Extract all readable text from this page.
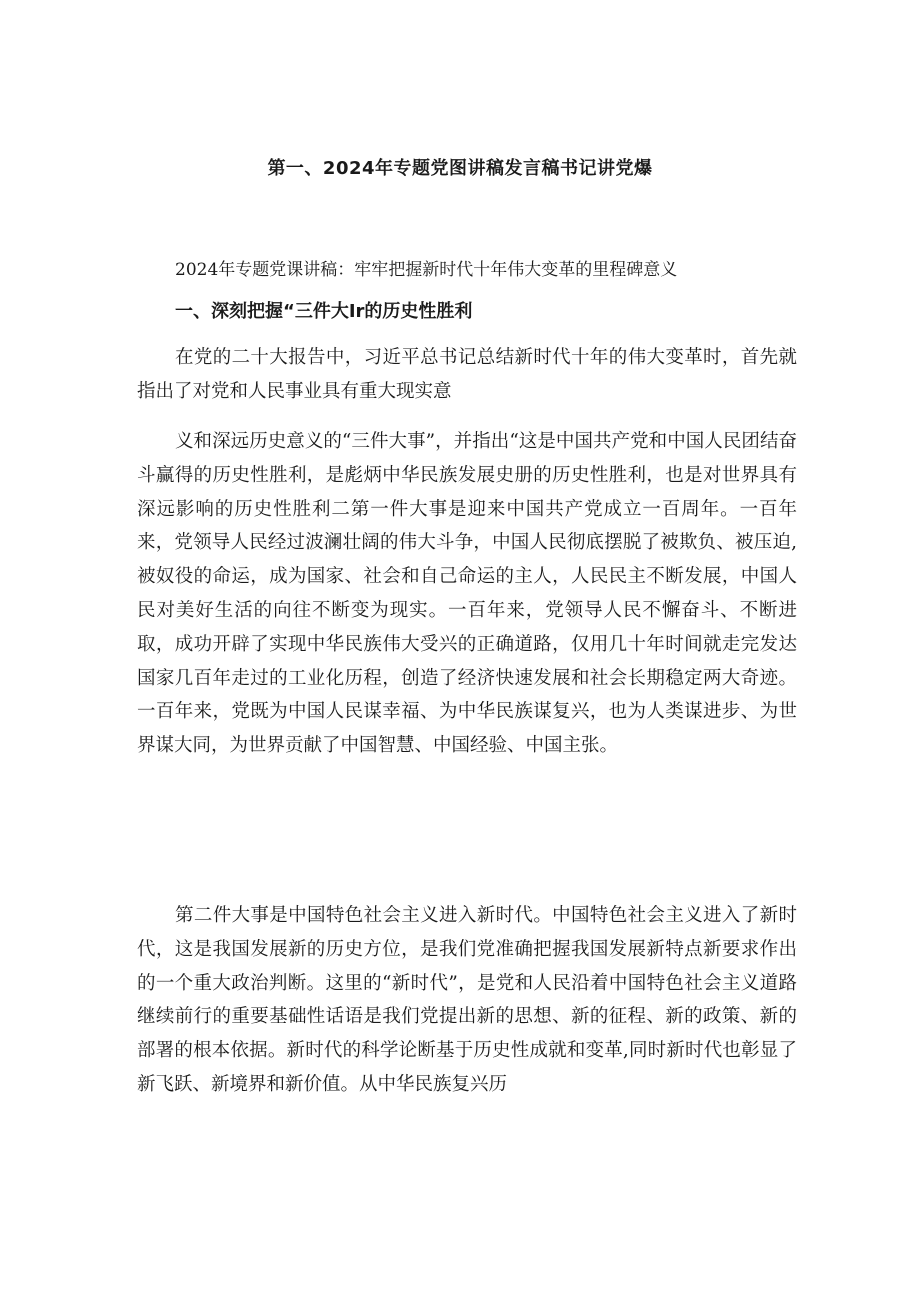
第一、2024年专题党图讲稿发言稿书记讲党爆

2024年专题党课讲稿：牢牢把握新时代十年伟大变革的里程碑意义

一、深刻把握“三件大Ir的历史性胜利

在党的二十大报告中，习近平总书记总结新时代十年的伟大变革时，首先就指出了对党和人民事业具有重大现实意

义和深远历史意义的“三件大事”，并指出“这是中国共产党和中国人民团结奋斗赢得的历史性胜利，是彪炳中华民族发展史册的历史性胜利，也是对世界具有深远影响的历史性胜利二第一件大事是迎来中国共产党成立一百周年。一百年来，党领导人民经过波澜壮阔的伟大斗争，中国人民彻底摆脱了被欺负、被压迫,被奴役的命运，成为国家、社会和自己命运的主人，人民民主不断发展，中国人民对美好生活的向往不断变为现实。一百年来，党领导人民不懈奋斗、不断进取，成功开辟了实现中华民族伟大受兴的正确道路，仅用几十年时间就走完发达国家几百年走过的工业化历程，创造了经济快速发展和社会长期稳定两大奇迹。一百年来，党既为中国人民谋幸福、为中华民族谋复兴，也为人类谋进步、为世界谋大同，为世界贡献了中国智慧、中国经验、中国主张。

第二件大事是中国特色社会主义进入新时代。中国特色社会主义进入了新时代，这是我国发展新的历史方位，是我们党准确把握我国发展新特点新要求作出的一个重大政治判断。这里的“新时代”，是党和人民沿着中国特色社会主义道路继续前行的重要基础性话语是我们党提出新的思想、新的征程、新的政策、新的部署的根本依据。新时代的科学论断基于历史性成就和变革,同时新时代也彰显了新飞跃、新境界和新价值。从中华民族复兴历
